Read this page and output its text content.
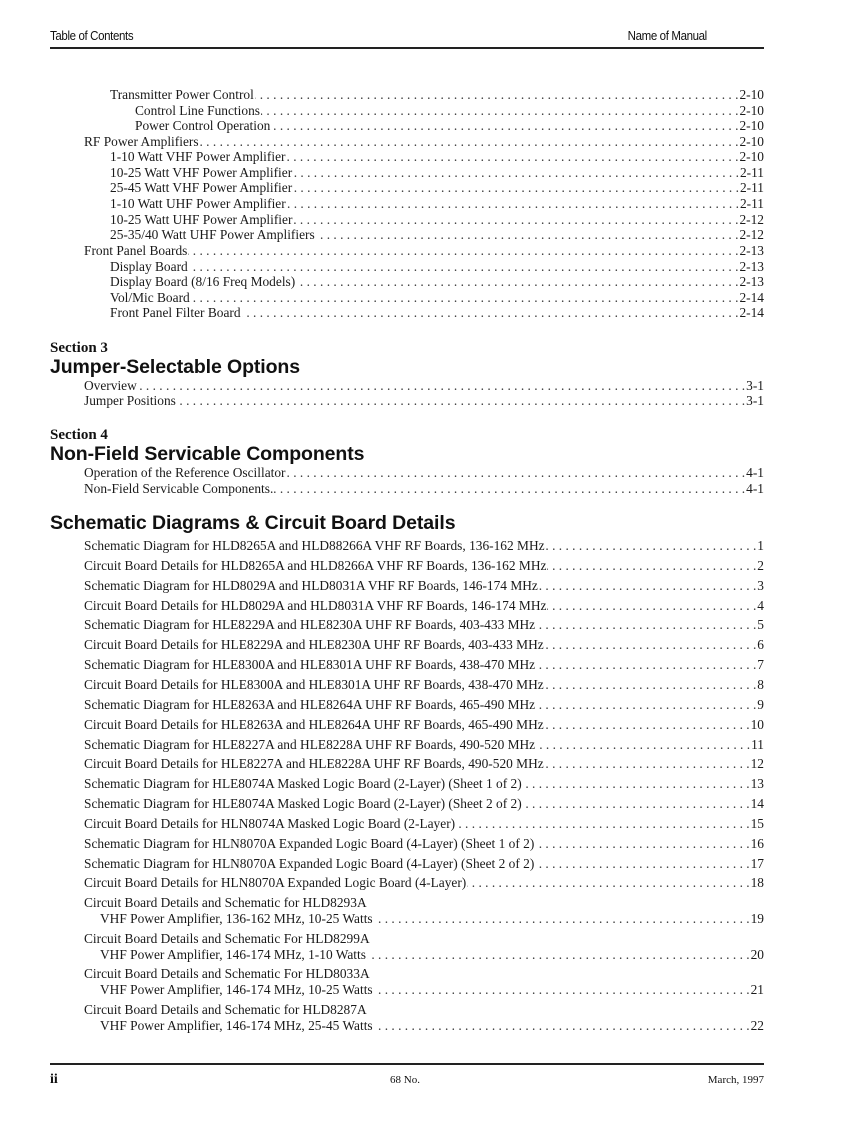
Table of Contents	Name of Manual
Transmitter Power Control . . .	2-10
Control Line Functions . . .	2-10
Power Control Operation . . .	2-10
RF Power Amplifiers . . .	2-10
1-10 Watt VHF Power Amplifier . . .	2-10
10-25 Watt VHF Power Amplifier . . .	2-11
25-45 Watt VHF Power Amplifier . . .	2-11
1-10 Watt UHF Power Amplifier . . .	2-11
10-25 Watt UHF Power Amplifier . . .	2-12
25-35/40 Watt UHF Power Amplifiers . . .	2-12
Front Panel Boards . . .	2-13
Display Board . . .	2-13
Display Board (8/16 Freq Models) . . .	2-13
Vol/Mic Board . . .	2-14
Front Panel Filter Board . . .	2-14
Section 3
Jumper-Selectable Options
Overview . . .	3-1
Jumper Positions . . .	3-1
Section 4
Non-Field Servicable Components
Operation of the Reference Oscillator . . .	4-1
Non-Field Servicable Components. . . .	4-1
Schematic Diagrams & Circuit Board Details
Schematic Diagram for HLD8265A and HLD88266A VHF RF Boards, 136-162 MHz . . .	1
Circuit Board Details for HLD8265A and HLD8266A VHF RF Boards, 136-162 MHz . . .	2
Schematic Diagram for HLD8029A and HLD8031A VHF RF Boards, 146-174 MHz . . .	3
Circuit Board Details for HLD8029A and HLD8031A VHF RF Boards, 146-174 MHz . . .	4
Schematic Diagram for HLE8229A and HLE8230A UHF RF Boards, 403-433 MHz . . .	5
Circuit Board Details for HLE8229A and HLE8230A UHF RF Boards, 403-433 MHz . . .	6
Schematic Diagram for HLE8300A and HLE8301A UHF RF Boards, 438-470 MHz . . .	7
Circuit Board Details for HLE8300A and HLE8301A UHF RF Boards, 438-470 MHz . . .	8
Schematic Diagram for HLE8263A and HLE8264A UHF RF Boards, 465-490 MHz . . .	9
Circuit Board Details for HLE8263A and HLE8264A UHF RF Boards, 465-490 MHz . . .	10
Schematic Diagram for HLE8227A and HLE8228A UHF RF Boards, 490-520 MHz . . .	11
Circuit Board Details for HLE8227A and HLE8228A UHF RF Boards, 490-520 MHz . . .	12
Schematic Diagram for HLE8074A Masked Logic Board (2-Layer) (Sheet 1 of 2) . . .	13
Schematic Diagram for HLE8074A Masked Logic Board (2-Layer) (Sheet 2 of 2) . . .	14
Circuit Board Details for HLN8074A Masked Logic Board (2-Layer) . . .	15
Schematic Diagram for HLN8070A Expanded Logic Board (4-Layer) (Sheet 1 of 2) . . .	16
Schematic Diagram for HLN8070A Expanded Logic Board (4-Layer) (Sheet 2 of 2) . . .	17
Circuit Board Details for HLN8070A Expanded Logic Board (4-Layer) . . .	18
Circuit Board Details and Schematic for HLD8293A
VHF Power Amplifier, 136-162 MHz, 10-25 Watts . . .	19
Circuit Board Details and Schematic For HLD8299A
VHF Power Amplifier, 146-174 MHz, 1-10 Watts . . .	20
Circuit Board Details and Schematic For HLD8033A
VHF Power Amplifier, 146-174 MHz, 10-25 Watts . . .	21
Circuit Board Details and Schematic for HLD8287A
VHF Power Amplifier, 146-174 MHz, 25-45 Watts . . .	22
ii	68 No.	March, 1997
